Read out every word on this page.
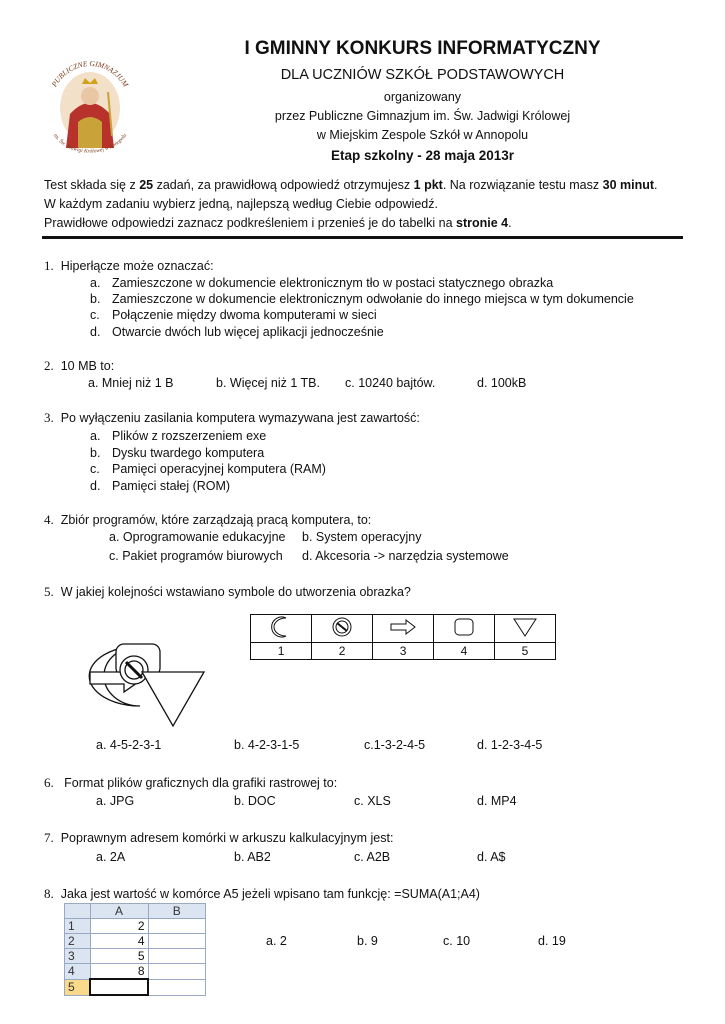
PUBLICZNE GIMNAZJUM
im. Św. Jadwigi Królowej w Annopolu
I GMINNY KONKURS INFORMATYCZNY
DLA UCZNIÓW SZKÓŁ PODSTAWOWYCH
organizowany
przez Publiczne Gimnazjum im. Św. Jadwigi Królowej
w Miejskim Zespole Szkół w Annopolu
Etap szkolny - 28 maja 2013r
Test składa się z 25 zadań, za prawidłową odpowiedź otrzymujesz 1 pkt. Na rozwiązanie testu masz 30 minut.
W każdym zadaniu wybierz jedną, najlepszą według Ciebie odpowiedź.
Prawidłowe odpowiedzi zaznacz podkreśleniem i przenieś je do tabelki na stronie 4.
1. Hiperłącze może oznaczać:
a. Zamieszczone w dokumencie elektronicznym tło w postaci statycznego obrazka
b. Zamieszczone w dokumencie elektronicznym odwołanie do innego miejsca w tym dokumencie
c. Połączenie między dwoma komputerami w sieci
d. Otwarcie dwóch lub więcej aplikacji jednocześnie
2. 10 MB to:
a. Mniej niż 1 B	b. Więcej niż 1 TB. c. 10240 bajtów.	d. 100kB
3. Po wyłączeniu zasilania komputera wymazywana jest zawartość:
a. Plików z rozszerzeniem exe
b. Dysku twardego komputera
c. Pamięci operacyjnej komputera (RAM)
d. Pamięci stałej (ROM)
4. Zbiór programów, które zarządzają pracą komputera, to:
a. Oprogramowanie edukacyjne b. System operacyjny
c. Pakiet programów biurowych d. Akcesoria -> narzędzia systemowe
5. W jakiej kolejności wstawiano symbole do utworzenia obrazka?

1	2	3	4	5
a. 4-5-2-3-1	b. 4-2-3-1-5	c.1-3-2-4-5	d. 1-2-3-4-5
6.   Format plików graficznych dla grafiki rastrowej to:
a. JPG	b. DOC	c. XLS	d. MP4
7. Poprawnym adresem komórki w arkuszu kalkulacyjnym jest:
a. 2A	b. AB2	c. A2B	d. A$
8. Jaka jest wartość w komórce A5 jeżeli wpisano tam funkcję: =SUMA(A1;A4)
	A	B
1	2	
2	4	
3	5	
4	8	
5		
a. 2	b. 9	c. 10	d. 19
